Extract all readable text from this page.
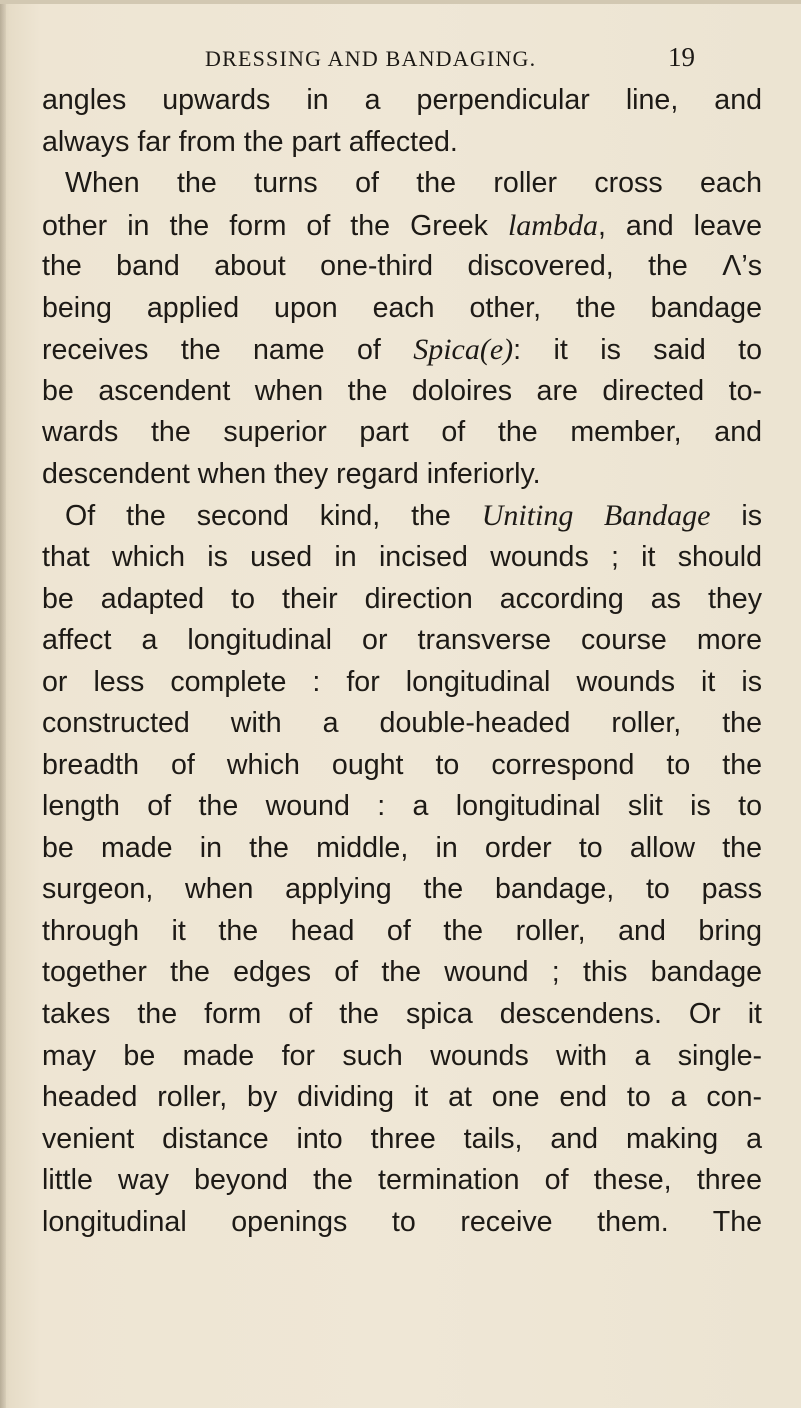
DRESSING AND BANDAGING.	19
angles upwards in a perpendicular line, and
always far from the part affected.
When the turns of the roller cross each
other in the form of the Greek lambda, and leave
the band about one-third discovered, the Λ’s
being applied upon each other, the bandage
receives the name of Spica(e): it is said to
be ascendent when the doloires are directed to-
wards the superior part of the member, and
descendent when they regard inferiorly.
Of the second kind, the Uniting Bandage is
that which is used in incised wounds ; it should
be adapted to their direction according as they
affect a longitudinal or transverse course more
or less complete : for longitudinal wounds it is
constructed with a double-headed roller, the
breadth of which ought to correspond to the
length of the wound : a longitudinal slit is to
be made in the middle, in order to allow the
surgeon, when applying the bandage, to pass
through it the head of the roller, and bring
together the edges of the wound ; this bandage
takes the form of the spica descendens. Or it
may be made for such wounds with a single-
headed roller, by dividing it at one end to a con-
venient distance into three tails, and making a
little way beyond the termination of these, three
longitudinal openings to receive them. The
